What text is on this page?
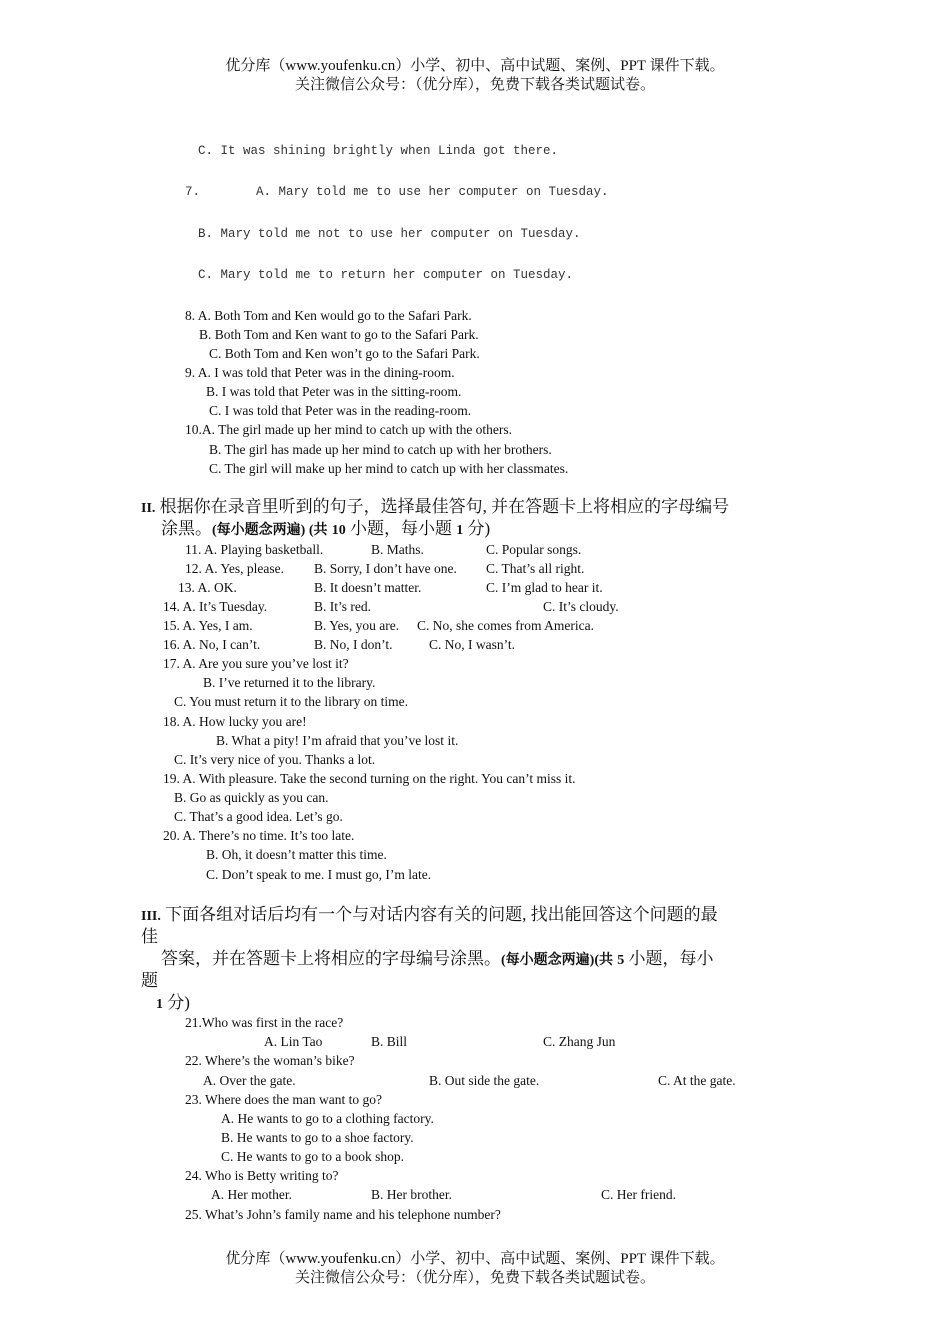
优分库（www.youfenku.cn）小学、初中、高中试题、案例、PPT 课件下载。
关注微信公众号：（优分库），免费下载各类试题试卷。
C. It was shining brightly when Linda got there.
7.	A. Mary told me to use her computer on Tuesday.
B. Mary told me not to use her computer on Tuesday.
C. Mary told me to return her computer on Tuesday.
8. A. Both Tom and Ken would go to the Safari Park.
B. Both Tom and Ken want to go to the Safari Park.
C. Both Tom and Ken won’t go to the Safari Park.
9. A. I was told that Peter was in the dining-room.
B. I was told that Peter was in the sitting-room.
C. I was told that Peter was in the reading-room.
10.A. The girl made up her mind to catch up with the others.
B. The girl has made up her mind to catch up with her brothers.
C. The girl will make up her mind to catch up with her classmates.
II. 根据你在录音里听到的句子，选择最佳答句, 并在答题卡上将相应的字母编号
涂黑。(每小题念两遍) (共 10 小题，每小题 1 分)
11. A. Playing basketball.	B. Maths.	C. Popular songs.
12. A. Yes, please. B. Sorry, I don’t have one. C. That’s all right.
13. A. OK.	B. It doesn’t matter.	C. I’m glad to hear it.
14. A. It’s Tuesday.	B. It’s red.	C. It’s cloudy.
15. A. Yes, I am.	B. Yes, you are. C. No, she comes from America.
16. A. No, I can’t.	B. No, I don’t.	C. No, I wasn’t.
17. A. Are you sure you’ve lost it?
B. I’ve returned it to the library.
C. You must return it to the library on time.
18. A. How lucky you are!
B. What a pity! I’m afraid that you’ve lost it.
C. It’s very nice of you. Thanks a lot.
19. A. With pleasure. Take the second turning on the right. You can’t miss it.
B. Go as quickly as you can.
C. That’s a good idea. Let’s go.
20. A. There’s no time. It’s too late.
B. Oh, it doesn’t matter this time.
C. Don’t speak to me. I must go, I’m late.
III. 下面各组对话后均有一个与对话内容有关的问题, 找出能回答这个问题的最
佳
答案，并在答题卡上将相应的字母编号涂黑。(每小题念两遍)(共 5 小题，每小
题
1 分)
21.Who was first in the race?
A. Lin Tao	B. Bill	C. Zhang Jun
22. Where’s the woman’s bike?
A. Over the gate.	B. Out side the gate.	C. At the gate.
23. Where does the man want to go?
A. He wants to go to a clothing factory.
B. He wants to go to a shoe factory.
C. He wants to go to a book shop.
24. Who is Betty writing to?
A. Her mother.	B. Her brother.	C. Her friend.
25. What’s John’s family name and his telephone number?
优分库（www.youfenku.cn）小学、初中、高中试题、案例、PPT 课件下载。
关注微信公众号：（优分库），免费下载各类试题试卷。
